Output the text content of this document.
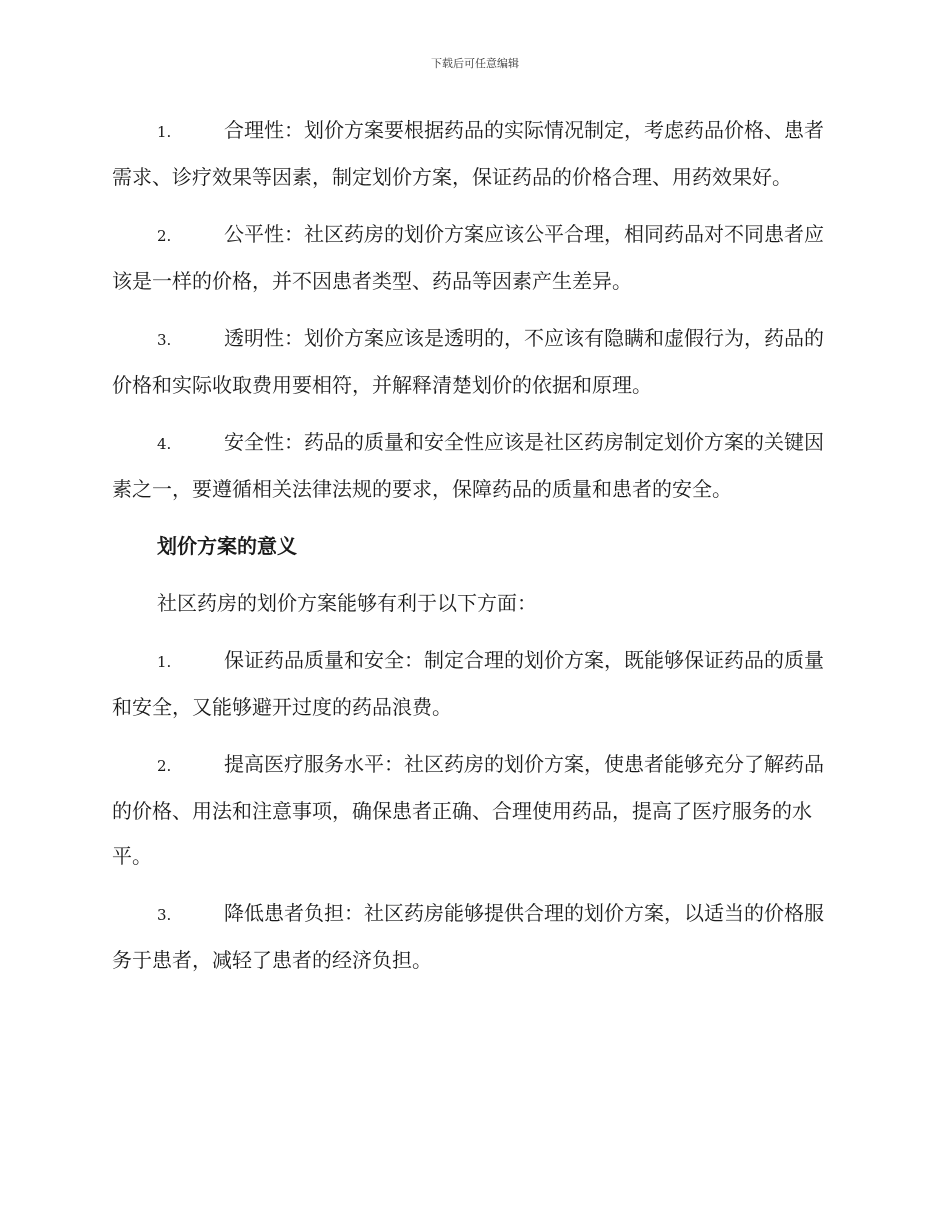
下载后可任意编辑

1.	合理性：划价方案要根据药品的实际情况制定，考虑药品价格、患者需求、诊疗效果等因素，制定划价方案，保证药品的价格合理、用药效果好。

2.	公平性：社区药房的划价方案应该公平合理，相同药品对不同患者应该是一样的价格，并不因患者类型、药品等因素产生差异。

3.	透明性：划价方案应该是透明的，不应该有隐瞒和虚假行为，药品的价格和实际收取费用要相符，并解释清楚划价的依据和原理。

4.	安全性：药品的质量和安全性应该是社区药房制定划价方案的关键因素之一，要遵循相关法律法规的要求，保障药品的质量和患者的安全。

划价方案的意义

社区药房的划价方案能够有利于以下方面：

1.	保证药品质量和安全：制定合理的划价方案，既能够保证药品的质量和安全，又能够避开过度的药品浪费。

2.	提高医疗服务水平：社区药房的划价方案，使患者能够充分了解药品的价格、用法和注意事项，确保患者正确、合理使用药品，提高了医疗服务的水平。

3.	降低患者负担：社区药房能够提供合理的划价方案，以适当的价格服务于患者，减轻了患者的经济负担。
